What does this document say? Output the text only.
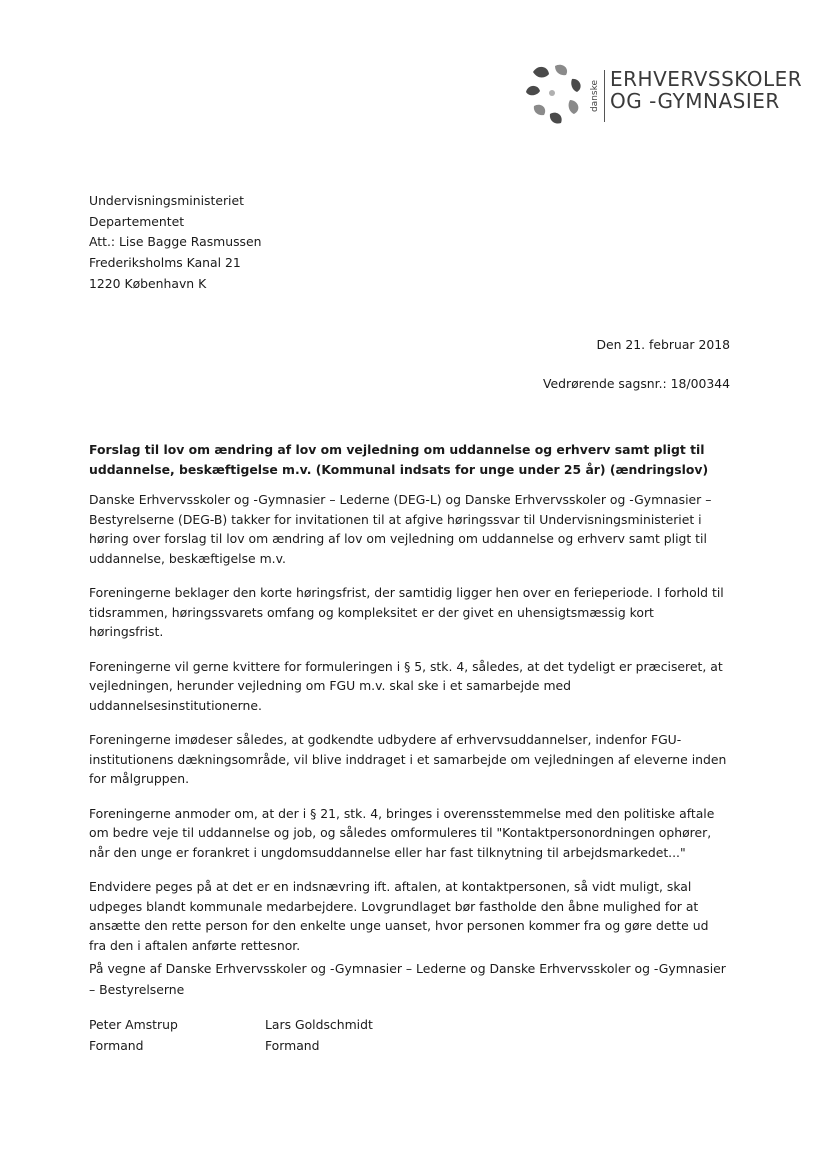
danske
ERHVERVSSKOLER
OG -GYMNASIER
Undervisningsministeriet
Departementet
Att.: Lise Bagge Rasmussen
Frederiksholms Kanal 21
1220 København K
Den 21. februar 2018
Vedrørende sagsnr.: 18/00344
Forslag til lov om ændring af lov om vejledning om uddannelse og erhverv samt pligt til uddannelse, beskæftigelse m.v. (Kommunal indsats for unge under 25 år) (ændringslov)

Danske Erhvervsskoler og -Gymnasier – Lederne (DEG-L) og Danske Erhvervsskoler og -Gymnasier – Bestyrelserne (DEG-B) takker for invitationen til at afgive høringssvar til Undervisningsministeriet i høring over forslag til lov om ændring af lov om vejledning om uddannelse og erhverv samt pligt til uddannelse, beskæftigelse m.v.

Foreningerne beklager den korte høringsfrist, der samtidig ligger hen over en ferieperiode. I forhold til tidsrammen, høringssvarets omfang og kompleksitet er der givet en uhensigtsmæssig kort høringsfrist.

Foreningerne vil gerne kvittere for formuleringen i § 5, stk. 4, således, at det tydeligt er præciseret, at vejledningen, herunder vejledning om FGU m.v. skal ske i et samarbejde med uddannelsesinstitutionerne.

Foreningerne imødeser således, at godkendte udbydere af erhvervsuddannelser, indenfor FGU-institutionens dækningsområde, vil blive inddraget i et samarbejde om vejledningen af eleverne inden for målgruppen.

Foreningerne anmoder om, at der i § 21, stk. 4, bringes i overensstemmelse med den politiske aftale om bedre veje til uddannelse og job, og således omformuleres til "Kontaktpersonordningen ophører, når den unge er forankret i ungdomsuddannelse eller har fast tilknytning til arbejdsmarkedet..."

Endvidere peges på at det er en indsnævring ift. aftalen, at kontaktpersonen, så vidt muligt, skal udpeges blandt kommunale medarbejdere. Lovgrundlaget bør fastholde den åbne mulighed for at ansætte den rette person for den enkelte unge uanset, hvor personen kommer fra og gøre dette ud fra den i aftalen anførte rettesnor.

På vegne af Danske Erhvervsskoler og -Gymnasier – Lederne og Danske Erhvervsskoler og -Gymnasier – Bestyrelserne
Peter Amstrup
Formand
Lars Goldschmidt
Formand
